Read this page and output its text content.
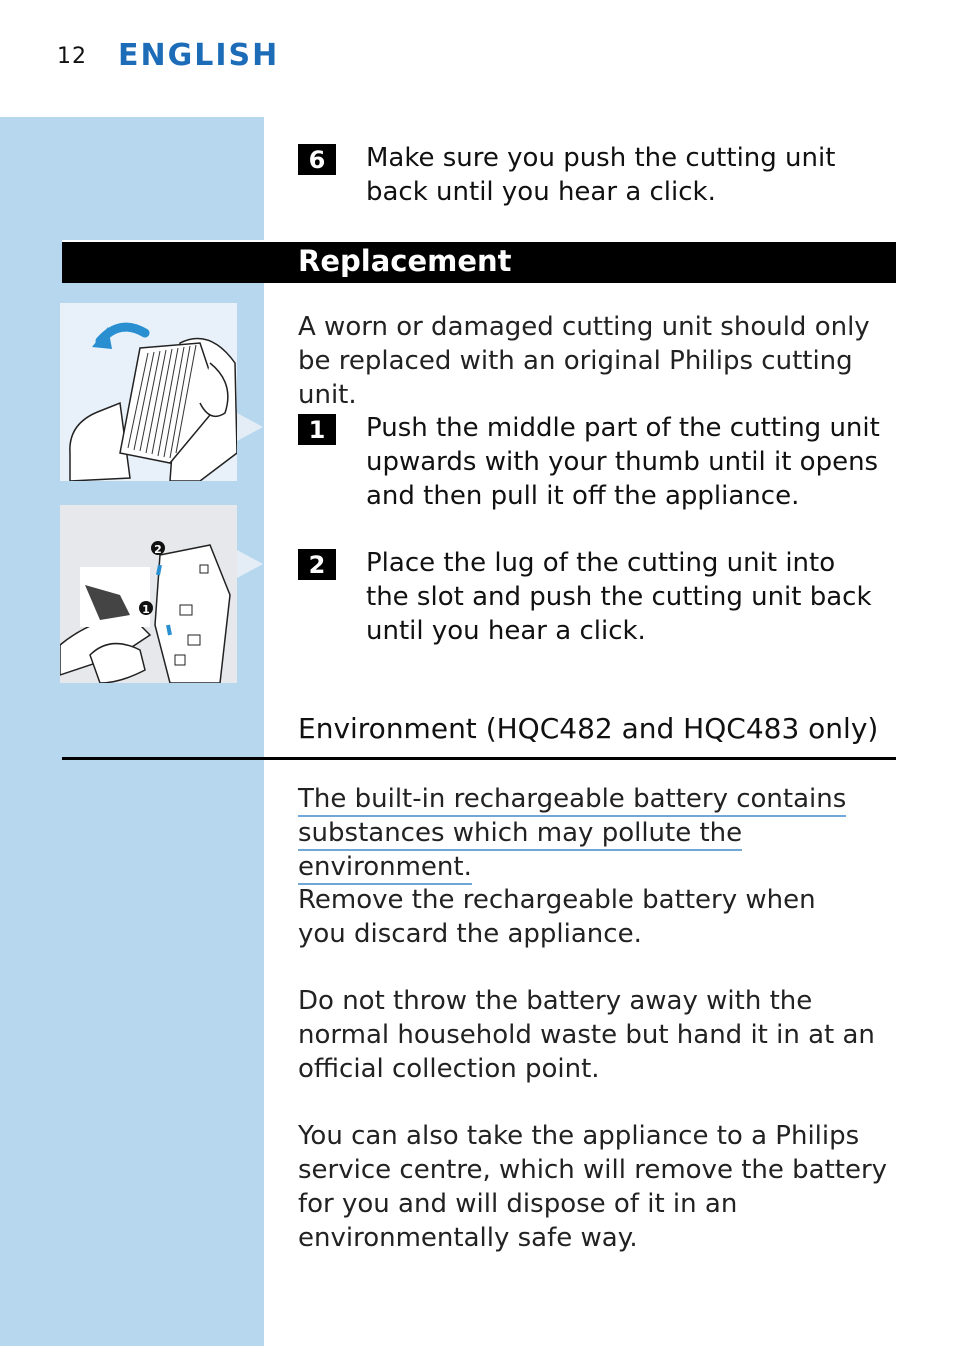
12 ENGLISH
6	Make sure you push the cutting unit back until you hear a click.
Replacement
2
1
A worn or damaged cutting unit should only be replaced with an original Philips cutting unit.
1	Push the middle part of the cutting unit upwards with your thumb until it opens and then pull it off the appliance.
2	Place the lug of the cutting unit into the slot and push the cutting unit back until you hear a click.
Environment (HQC482 and HQC483 only)
The built-in rechargeable battery contains
substances which may pollute the environment.
Remove the rechargeable battery when you discard the appliance.
Do not throw the battery away with the normal household waste but hand it in at an official collection point.
You can also take the appliance to a Philips service centre, which will remove the battery for you and will dispose of it in an environmentally safe way.
